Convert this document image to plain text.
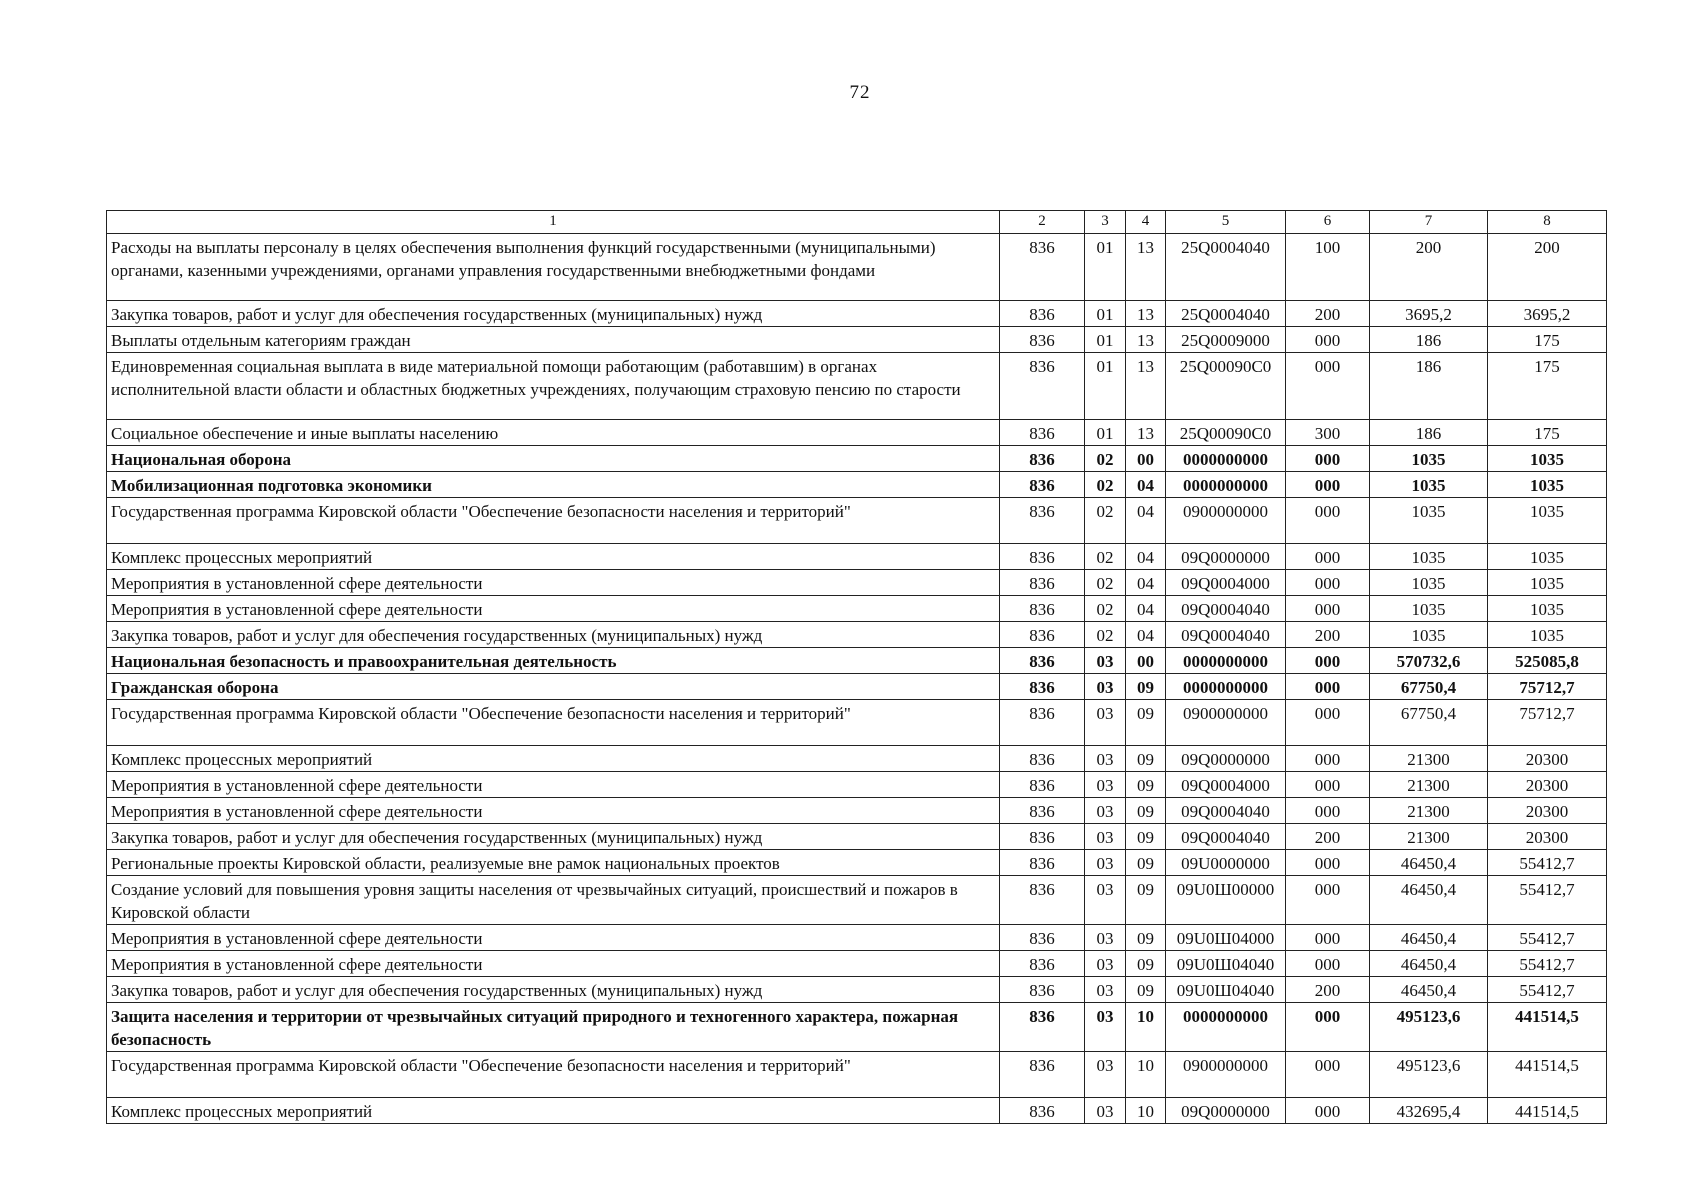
72
1	2	3	4	5	6	7	8
Расходы на выплаты персоналу в целях обеспечения выполнения функций государственными (муниципальными) органами, казенными учреждениями, органами управления государственными внебюджетными фондами	836	01	13	25Q0004040	100	200	200
Закупка товаров, работ и услуг для обеспечения государственных (муниципальных) нужд	836	01	13	25Q0004040	200	3695,2	3695,2
Выплаты отдельным категориям граждан	836	01	13	25Q0009000	000	186	175
Единовременная социальная выплата в виде материальной помощи работающим (работавшим) в органах исполнительной власти области и областных бюджетных учреждениях, получающим страховую пенсию по старости	836	01	13	25Q00090C0	000	186	175
Социальное обеспечение и иные выплаты населению	836	01	13	25Q00090C0	300	186	175
Национальная оборона	836	02	00	0000000000	000	1035	1035
Мобилизационная подготовка экономики	836	02	04	0000000000	000	1035	1035
Государственная программа Кировской области "Обеспечение безопасности населения и территорий"	836	02	04	0900000000	000	1035	1035
Комплекс процессных мероприятий	836	02	04	09Q0000000	000	1035	1035
Мероприятия в установленной сфере деятельности	836	02	04	09Q0004000	000	1035	1035
Мероприятия в установленной сфере деятельности	836	02	04	09Q0004040	000	1035	1035
Закупка товаров, работ и услуг для обеспечения государственных (муниципальных) нужд	836	02	04	09Q0004040	200	1035	1035
Национальная безопасность и правоохранительная деятельность	836	03	00	0000000000	000	570732,6	525085,8
Гражданская оборона	836	03	09	0000000000	000	67750,4	75712,7
Государственная программа Кировской области "Обеспечение безопасности населения и территорий"	836	03	09	0900000000	000	67750,4	75712,7
Комплекс процессных мероприятий	836	03	09	09Q0000000	000	21300	20300
Мероприятия в установленной сфере деятельности	836	03	09	09Q0004000	000	21300	20300
Мероприятия в установленной сфере деятельности	836	03	09	09Q0004040	000	21300	20300
Закупка товаров, работ и услуг для обеспечения государственных (муниципальных) нужд	836	03	09	09Q0004040	200	21300	20300
Региональные проекты Кировской области, реализуемые вне рамок национальных проектов	836	03	09	09U0000000	000	46450,4	55412,7
Создание условий для повышения уровня защиты населения от чрезвычайных ситуаций, происшествий и пожаров в Кировской области	836	03	09	09U0Ш00000	000	46450,4	55412,7
Мероприятия в установленной сфере деятельности	836	03	09	09U0Ш04000	000	46450,4	55412,7
Мероприятия в установленной сфере деятельности	836	03	09	09U0Ш04040	000	46450,4	55412,7
Закупка товаров, работ и услуг для обеспечения государственных (муниципальных) нужд	836	03	09	09U0Ш04040	200	46450,4	55412,7
Защита населения и территории от чрезвычайных ситуаций природного и техногенного характера, пожарная безопасность	836	03	10	0000000000	000	495123,6	441514,5
Государственная программа Кировской области "Обеспечение безопасности населения и территорий"	836	03	10	0900000000	000	495123,6	441514,5
Комплекс процессных мероприятий	836	03	10	09Q0000000	000	432695,4	441514,5
